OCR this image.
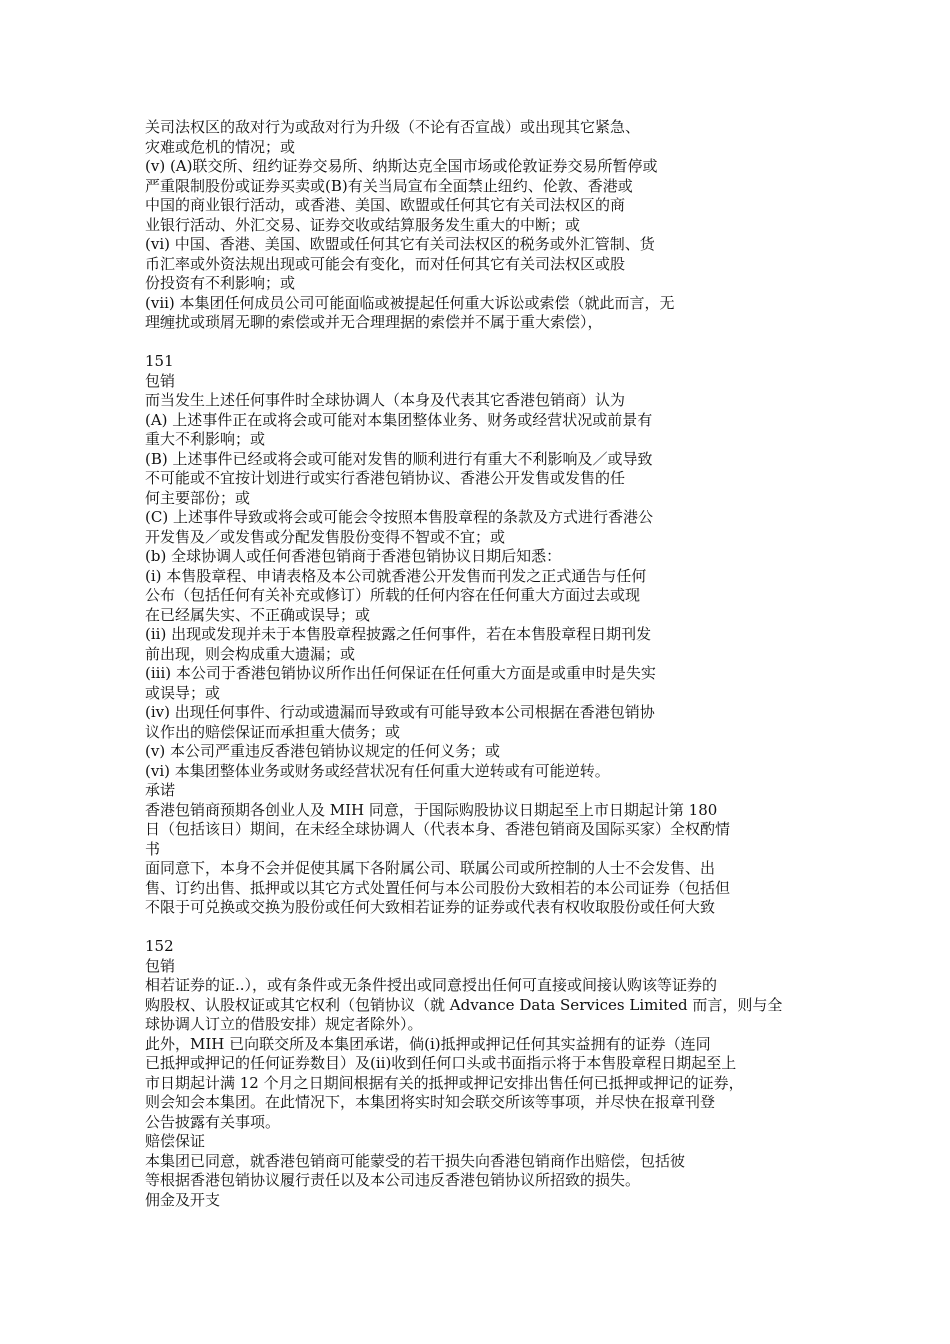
关司法权区的敌对行为或敌对行为升级（不论有否宣战）或出现其它紧急、
灾难或危机的情况；或
(v) (A)联交所、纽约证券交易所、纳斯达克全国市场或伦敦证券交易所暂停或
严重限制股份或证券买卖或(B)有关当局宣布全面禁止纽约、伦敦、香港或
中国的商业银行活动，或香港、美国、欧盟或任何其它有关司法权区的商
业银行活动、外汇交易、证券交收或结算服务发生重大的中断；或
(vi) 中国、香港、美国、欧盟或任何其它有关司法权区的税务或外汇管制、货
币汇率或外资法规出现或可能会有变化，而对任何其它有关司法权区或股
份投资有不利影响；或
(vii) 本集团任何成员公司可能面临或被提起任何重大诉讼或索偿（就此而言，无
理缠扰或琐屑无聊的索偿或并无合理理据的索偿并不属于重大索偿），
151
包销
而当发生上述任何事件时全球协调人（本身及代表其它香港包销商）认为
(A) 上述事件正在或将会或可能对本集团整体业务、财务或经营状况或前景有
重大不利影响；或
(B) 上述事件已经或将会或可能对发售的顺利进行有重大不利影响及／或导致
不可能或不宜按计划进行或实行香港包销协议、香港公开发售或发售的任
何主要部份；或
(C) 上述事件导致或将会或可能会令按照本售股章程的条款及方式进行香港公
开发售及／或发售或分配发售股份变得不智或不宜；或
(b) 全球协调人或任何香港包销商于香港包销协议日期后知悉：
(i) 本售股章程、申请表格及本公司就香港公开发售而刊发之正式通告与任何
公布（包括任何有关补充或修订）所载的任何内容在任何重大方面过去或现
在已经属失实、不正确或误导；或
(ii) 出现或发现并未于本售股章程披露之任何事件，若在本售股章程日期刊发
前出现，则会构成重大遗漏；或
(iii) 本公司于香港包销协议所作出任何保证在任何重大方面是或重申时是失实
或误导；或
(iv) 出现任何事件、行动或遗漏而导致或有可能导致本公司根据在香港包销协
议作出的赔偿保证而承担重大债务；或
(v) 本公司严重违反香港包销协议规定的任何义务；或
(vi) 本集团整体业务或财务或经营状况有任何重大逆转或有可能逆转。
承诺
香港包销商预期各创业人及 MIH 同意，于国际购股协议日期起至上市日期起计第 180
日（包括该日）期间，在未经全球协调人（代表本身、香港包销商及国际买家）全权酌情
书
面同意下，本身不会并促使其属下各附属公司、联属公司或所控制的人士不会发售、出
售、订约出售、抵押或以其它方式处置任何与本公司股份大致相若的本公司证券（包括但
不限于可兑换或交换为股份或任何大致相若证券的证券或代表有权收取股份或任何大致
152
包销
相若证券的证..），或有条件或无条件授出或同意授出任何可直接或间接认购该等证券的
购股权、认股权证或其它权利（包销协议（就 Advance Data Services Limited 而言，则与全
球协调人订立的借股安排）规定者除外）。
此外，MIH 已向联交所及本集团承诺，倘(i)抵押或押记任何其实益拥有的证券（连同
已抵押或押记的任何证券数目）及(ii)收到任何口头或书面指示将于本售股章程日期起至上
市日期起计满 12 个月之日期间根据有关的抵押或押记安排出售任何已抵押或押记的证券，
则会知会本集团。在此情况下，本集团将实时知会联交所该等事项，并尽快在报章刊登
公告披露有关事项。
赔偿保证
本集团已同意，就香港包销商可能蒙受的若干损失向香港包销商作出赔偿，包括彼
等根据香港包销协议履行责任以及本公司违反香港包销协议所招致的损失。
佣金及开支
